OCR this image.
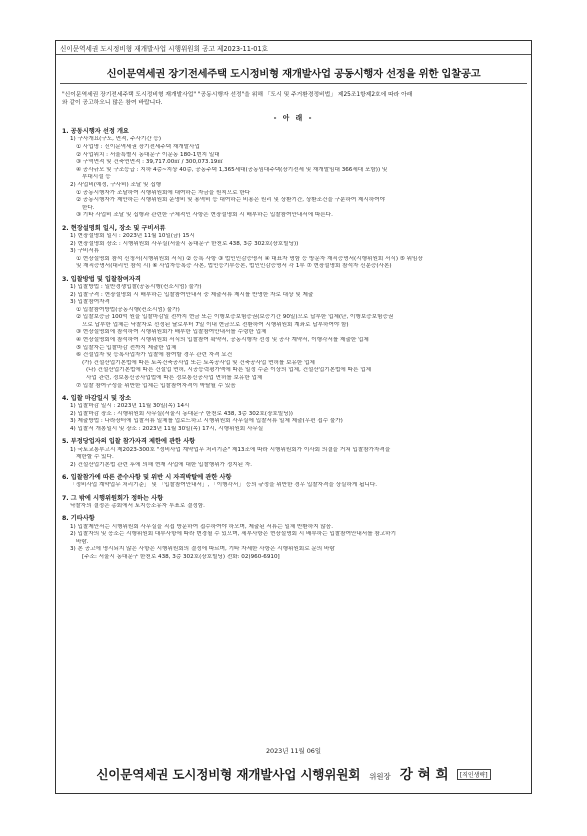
신이문역세권 도시정비형 재개발사업 시행위원회 공고 제2023-11-01호
신이문역세권 장기전세주택 도시정비형 재개발사업 공동시행자 선정을 위한 입찰공고
"신이문역세권 장기전세주택 도시정비형 재개발사업" "공동시행자 선정"을 위해 「도시 및 주거환경정비법」 제25조1항제2호에 따라 아래
와 같이 공고하오니 많은 참여 바랍니다.
- 아 래 -
1. 공동시행자 선정 개요
1) 구사개요(구도, 면적, 주사기간 등)
① 사업명 : 신이문역세권 장기전세주택 재개발사업
② 사업위치 : 서울특별시 동대문구 이문동 180-1번지 일대
③ 구역면적 및 건축연면적 : 39,717.00㎡ / 300,073.19㎡
④ 공사규모 및 구조등급 : 지하 4층~지상 40층, 공동주택 1,365세대(공동임대주택(장기전세 및 재개발임대 366세대 포함)) 및
부대시설 등
2) 사업비(예정, 구사비) 조달 및 집행
① 공동시행자가 조달하여 시행위원회에 대여하는 자금을 원칙으로 한다
② 공동시행자가 제안하는 시행위원회 운영비 및 용역비 등 대여하는 비용은 원리 및 상환기간, 상환조건을 구분하여 제시하여야
한다.
③ 기타 사업비 조달 및 집행과 관련한 구체적인 사항은 현장설명회 시 배부하는 입찰참여안내서에 따른다.
2. 현장설명회 일시, 장소 및 구비서류
1) 현장설명회 일시 : 2023년 11월 10일(금) 15시
2) 현장설명회 장소 : 시행위원회 사무실(서울시 동대문구 한천로 438, 3층 302호(장호빌딩))
3) 구비서류
① 현장설명회 참석 신청서(시행위원회 서식) ② 등록 사항 ③ 법인인감증명서 ④ 대표자 명함 등 방문자 재직증명서(시행위원회 서식) ⑤ 위임장
및 재직증명서(대리인 참석 시) ⑥ 사업자등록증 사본, 법인등기부등본, 법인인감증명서 각 1부 ⑦ 현장설명회 참석자 신분증(사본)
3. 입찰방법 및 입찰참여자격
1) 입찰방법 : 일반경쟁입찰(공동시행(컨소시엄) 불가)
2) 입찰구격 : 현장설명회 시 배부하는 입찰참여안내서 중 제출서류 제시를 반영한 자로 대상 및 제출
3) 입찰참여자격
① 입찰참여방법(공동시행(컨소시엄) 불가)
② 입찰보증금 100억 원을 입찰마감일 전까지 현금 또는 이행보증보험증권(보증기간 90일)으로 납부한 업체(단, 이행보증보험증권
으로 납부한 업체는 낙찰자로 선정된 날로부터 7일 이내 현금으로 전환하여 시행위원회 계좌로 납부하여야 함)
③ 현장설명회에 참석하여 시행위원회가 배부한 입찰참여안내서를 수령한 업체
④ 현장설명회에 참석하여 시행위원회 서식의 입찰참여 확약서, 공동시행자 선정 및 공사 계약서, 이행각서를 제출한 업체
⑤ 입찰자는 입찰마감 전까지 제출한 업체
⑥ 건설업자 및 등록사업자가 입찰에 참여할 경우 관련 자격 요건
(가) 건설산업기본법에 따른 토목건축공사업 또는 토목공사업 및 건축공사업 면허를 보유한 업체
(나) 건설산업기본법에 따른 건설업 면허, 시공능력평가액에 따른 일정 수준 이상의 업체, 건설산업기본법에 따른 업체
사업 관련, 정보통신공사업법에 따른 정보통신공사업 면허를 보유한 업체
⑦ 입찰 참여구성을 위반한 업체는 입찰참여자격이 박탈될 수 있음
4. 입찰 마감일시 및 장소
1) 입찰마감 일시 : 2023년 11월 30일(목) 14시
2) 입찰마감 장소 : 시행위원회 사무실(서울시 동대문구 한천로 438, 3층 302호(장호빌딩))
3) 제출방법 : 나라장터에 입찰서류 일체를 업로드하고 시행위원회 사무실에 입찰서류 일체 제출(우편 접수 불가)
4) 입찰서 개봉일시 및 장소 : 2023년 11월 30일(목) 17시, 시행위원회 사무실
5. 부정당업자의 입찰 참가자격 제한에 관한 사항
1) 국토교통부고시 제2023-300호 "정비사업 계약업무 처리기준" 제13조에 따라 시행위원회가 이사회 의결을 거쳐 입찰참가자격을
제한할 수 있다.
2) 건설산업기본법 관련 후에 의해 현재 사업에 대한 입찰행위가 정지된 자.
6. 입찰참가에 따른 준수사항 및 위반 시 자격박탈에 관한 사항
「정비사업 계약업무 처리기준」 및 「입찰참여안내서」, 「이행각서」 등의 규정을 위반한 경우 입찰자격을 상실하게 됩니다.
7. 그 밖에 시행위원회가 정하는 사항
낙찰자의 결정은 총회에서 토지등소유자 투표로 결정함.
8. 기타사항
1) 입찰제안서는 시행위원회 사무실을 직접 방문하여 접수하여야 하오며, 제출된 서류는 일체 반환하지 않음.
2) 입찰자의 및 응소는 시행위원회 대부사항에 따라 변경될 수 있으며, 세부사항은 현장설명회 시 배부하는 입찰참여안내서를 참고하기
바람.
3) 본 공고에 명시되지 않은 사항은 시행위원회의 결정에 따르며, 기타 자세한 사항은 시행위원회로 문의 바람
[주소: 서울시 동대문구 한천로 438, 3층 302호(장호빌딩) 전화: 02)960-6910]
2023년 11월 06일
신이문역세권 도시정비형 재개발사업 시행위원회 위원장 강 혀 희 [직인생략]
